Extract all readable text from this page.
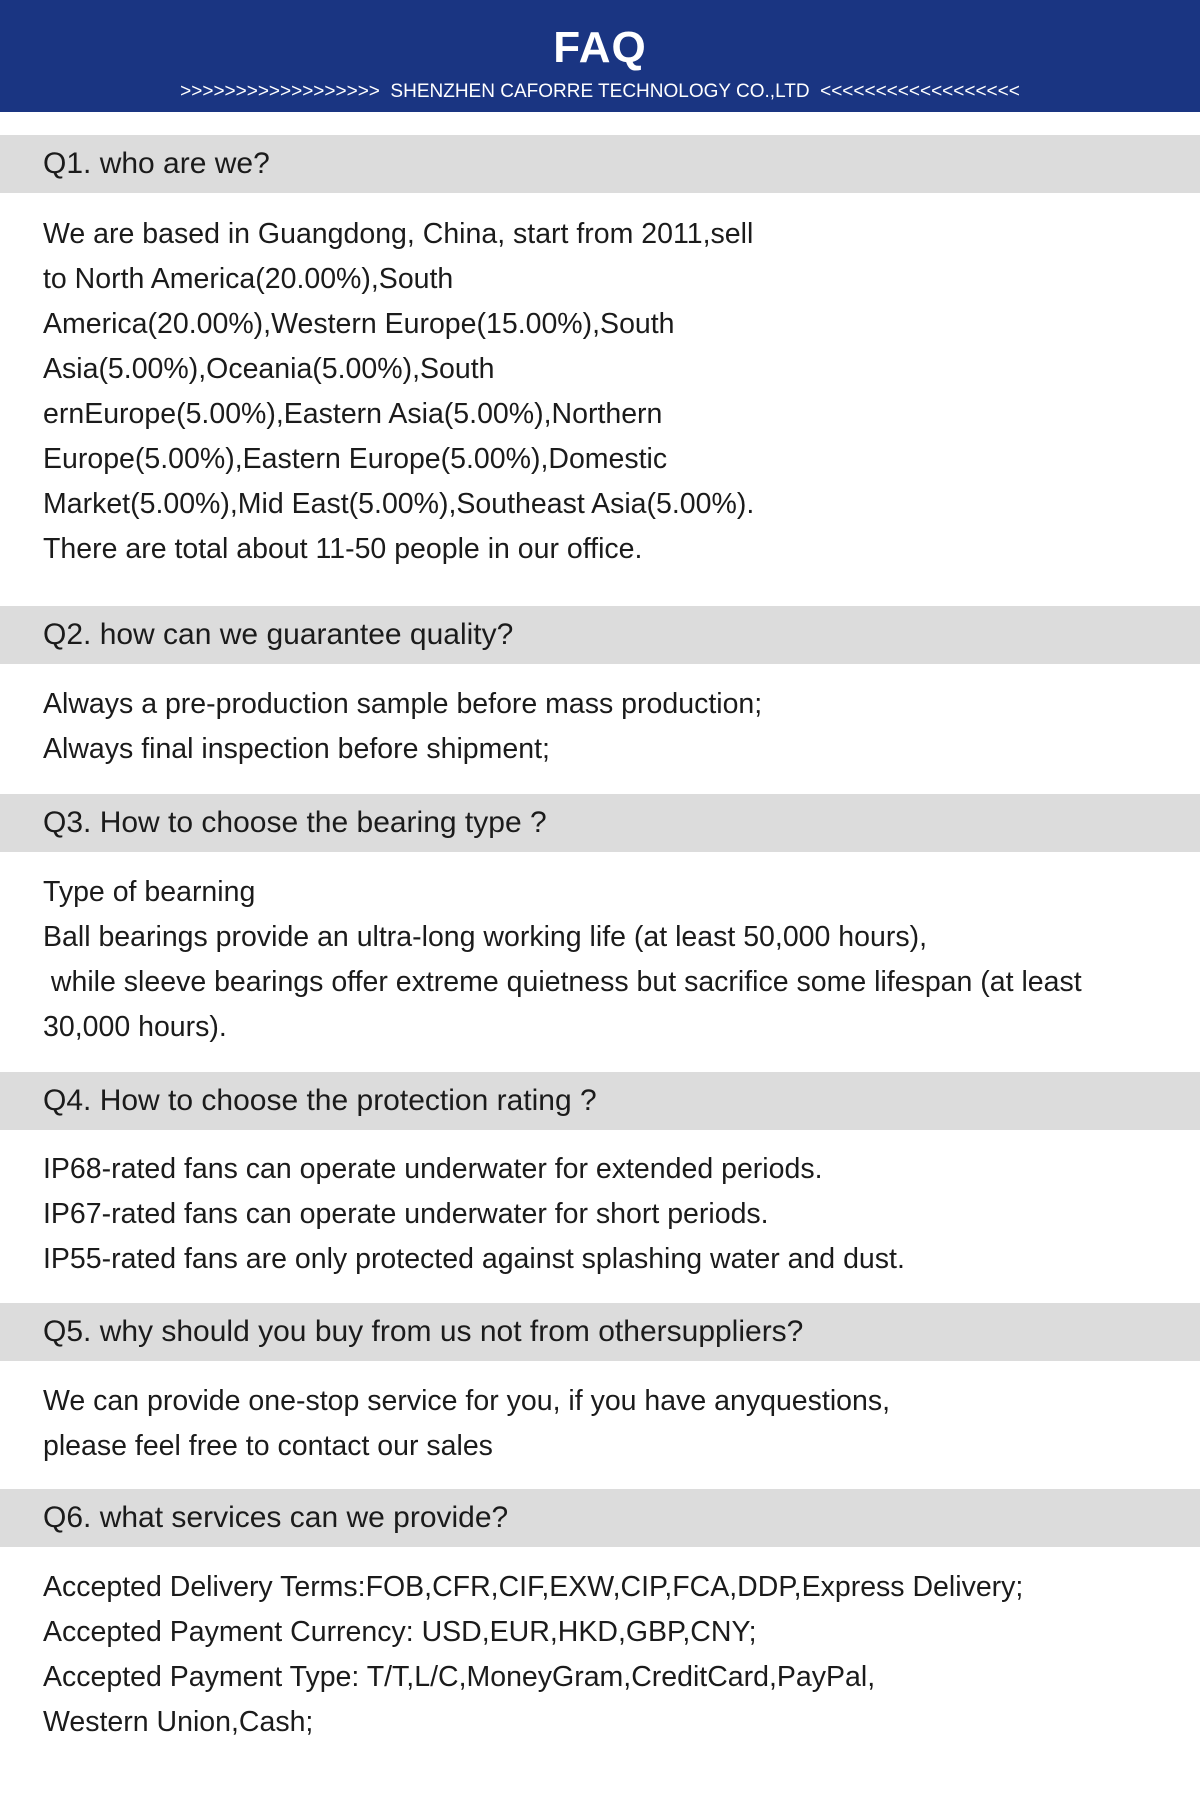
FAQ
>>>>>>>>>>>>>>>>>>  SHENZHEN CAFORRE TECHNOLOGY CO.,LTD  <<<<<<<<<<<<<<<<<<
Q1. who are we?
We are based in Guangdong, China, start from 2011,sell
to North America(20.00%),South
America(20.00%),Western Europe(15.00%),South
Asia(5.00%),Oceania(5.00%),South
ernEurope(5.00%),Eastern Asia(5.00%),Northern
Europe(5.00%),Eastern Europe(5.00%),Domestic
Market(5.00%),Mid East(5.00%),Southeast Asia(5.00%).
There are total about 11-50 people in our office.
Q2. how can we guarantee quality?
Always a pre-production sample before mass production;
Always final inspection before shipment;
Q3. How to choose the bearing type ?
Type of bearning
Ball bearings provide an ultra-long working life (at least 50,000 hours),
while sleeve bearings offer extreme quietness but sacrifice some lifespan (at least
30,000 hours).
Q4. How to choose the protection rating ?
IP68-rated fans can operate underwater for extended periods.
IP67-rated fans can operate underwater for short periods.
IP55-rated fans are only protected against splashing water and dust.
Q5. why should you buy from us not from othersuppliers?
We can provide one-stop service for you, if you have anyquestions,
please feel free to contact our sales
Q6. what services can we provide?
Accepted Delivery Terms:FOB,CFR,CIF,EXW,CIP,FCA,DDP,Express Delivery;
Accepted Payment Currency: USD,EUR,HKD,GBP,CNY;
Accepted Payment Type: T/T,L/C,MoneyGram,CreditCard,PayPal,
Western Union,Cash;
